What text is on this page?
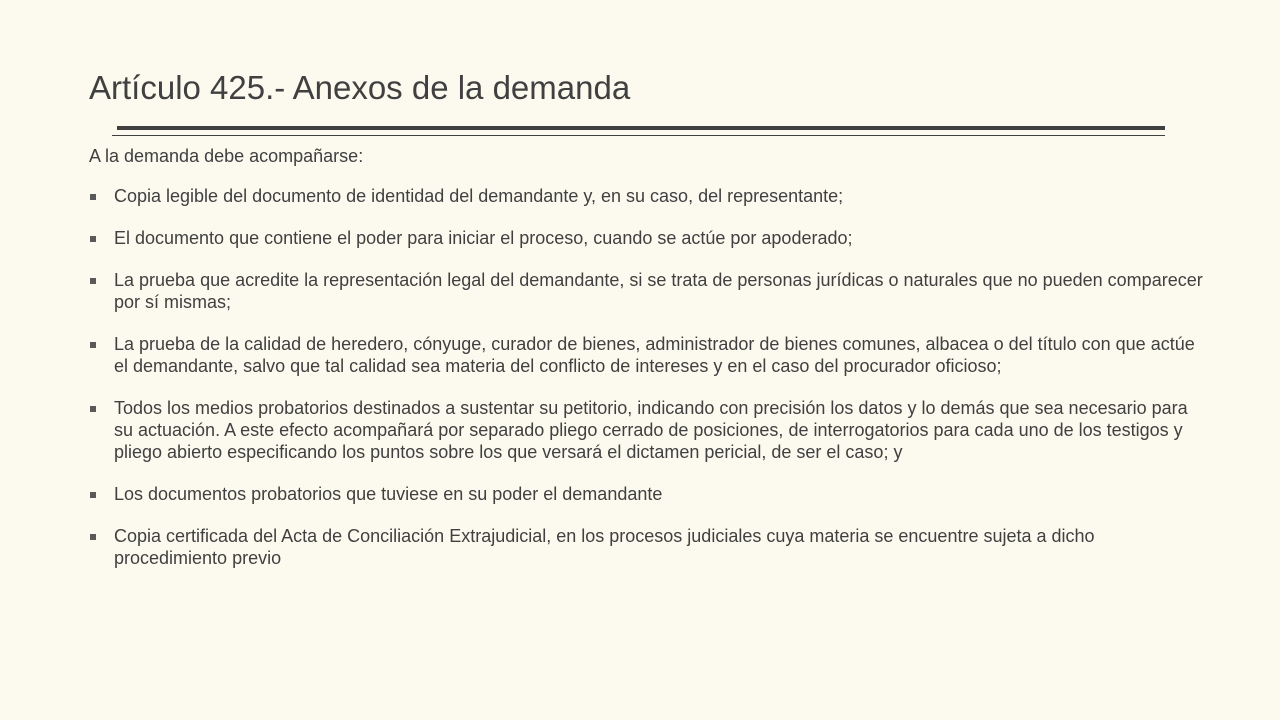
Artículo 425.- Anexos de la demanda

A la demanda debe acompañarse:

Copia legible del documento de identidad del demandante y, en su caso, del representante;
El documento que contiene el poder para iniciar el proceso, cuando se actúe por apoderado;
La prueba que acredite la representación legal del demandante, si se trata de personas jurídicas o naturales que no pueden comparecer por sí mismas;
La prueba de la calidad de heredero, cónyuge, curador de bienes, administrador de bienes comunes, albacea o del título con que actúe el demandante, salvo que tal calidad sea materia del conflicto de intereses y en el caso del procurador oficioso;
Todos los medios probatorios destinados a sustentar su petitorio, indicando con precisión los datos y lo demás que sea necesario para su actuación. A este efecto acompañará por separado pliego cerrado de posiciones, de interrogatorios para cada uno de los testigos y pliego abierto especificando los puntos sobre los que versará el dictamen pericial, de ser el caso; y
Los documentos probatorios que tuviese en su poder el demandante
Copia certificada del Acta de Conciliación Extrajudicial, en los procesos judiciales cuya materia se encuentre sujeta a dicho procedimiento previo
